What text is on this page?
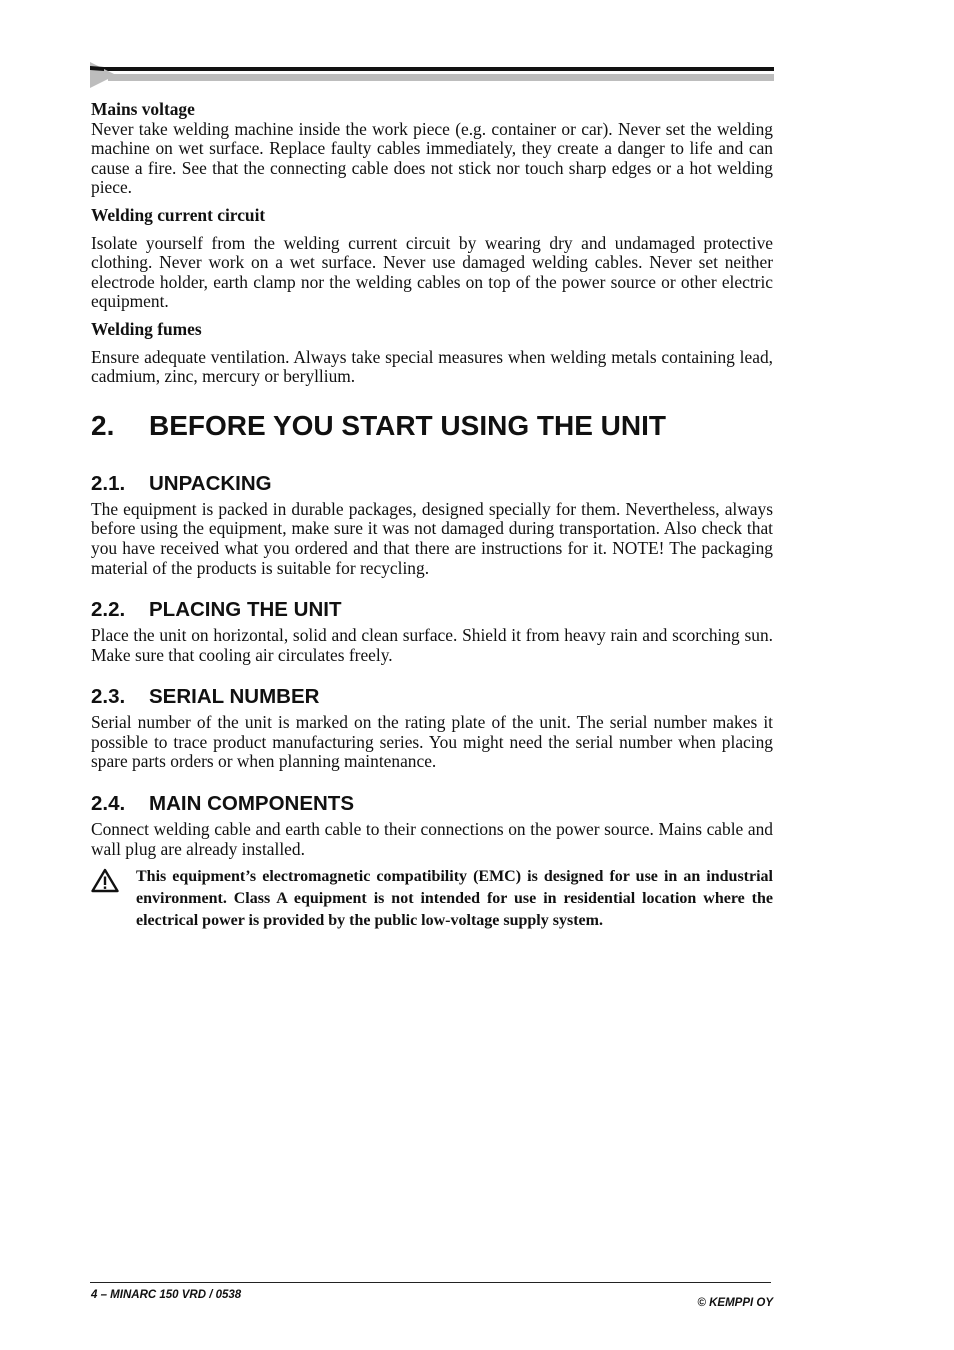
Mains voltage

Never take welding machine inside the work piece (e.g. container or car). Never set the welding machine on wet surface. Replace faulty cables immediately, they create a danger to life and can cause a fire. See that the connecting cable does not stick nor touch sharp edges or a hot welding piece.

Welding current circuit

Isolate yourself from the welding current circuit by wearing dry and undamaged protective clothing. Never work on a wet surface. Never use damaged welding cables. Never set neither electrode holder, earth clamp nor the welding cables on top of the power source or other electric equipment.

Welding fumes

Ensure adequate ventilation. Always take special measures when welding metals containing lead, cadmium, zinc, mercury or beryllium.

2.	BEFORE YOU START USING THE UNIT
2.1.	UNPACKING

The equipment is packed in durable packages, designed specially for them. Nevertheless, always before using the equipment, make sure it was not damaged during transportation. Also check that you have received what you ordered and that there are instructions for it. NOTE! The packaging material of the products is suitable for recycling.

2.2.	PLACING THE UNIT

Place the unit on horizontal, solid and clean surface. Shield it from heavy rain and scorching sun. Make sure that cooling air circulates freely.

2.3.	SERIAL NUMBER

Serial number of the unit is marked on the rating plate of the unit. The serial number makes it possible to trace product manufacturing series. You might need the serial number when placing spare parts orders or when planning maintenance.

2.4.	MAIN COMPONENTS

Connect welding cable and earth cable to their connections on the power source. Mains cable and wall plug are already installed.

This equipment’s electromagnetic compatibility (EMC) is designed for use in an industrial environment. Class A equipment is not intended for use in residential location where the electrical power is provided by the public low-voltage supply system.
4 – MINARC 150 VRD / 0538
© KEMPPI OY
